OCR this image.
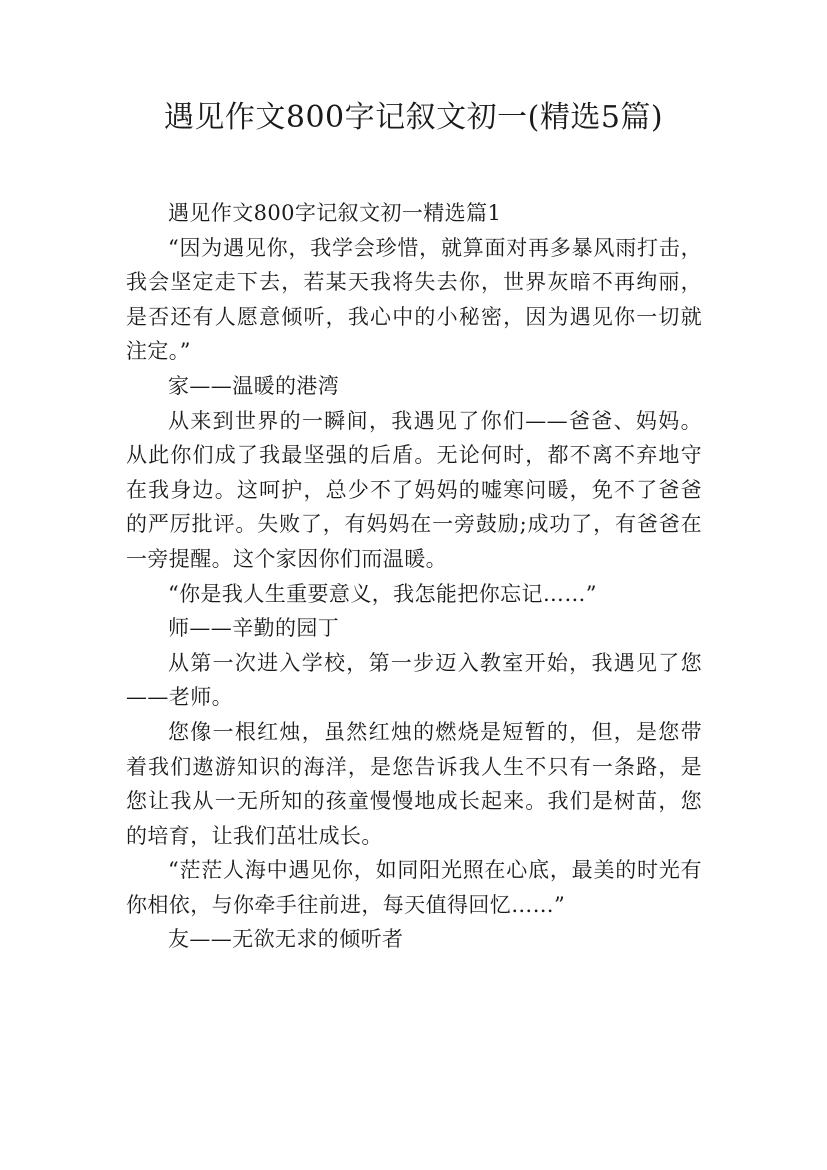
遇见作文800字记叙文初一(精选5篇)

遇见作文800字记叙文初一精选篇1

“因为遇见你，我学会珍惜，就算面对再多暴风雨打击，我会坚定走下去，若某天我将失去你，世界灰暗不再绚丽，是否还有人愿意倾听，我心中的小秘密，因为遇见你一切就注定。”

家——温暖的港湾

从来到世界的一瞬间，我遇见了你们——爸爸、妈妈。从此你们成了我最坚强的后盾。无论何时，都不离不弃地守在我身边。这呵护，总少不了妈妈的嘘寒问暖，免不了爸爸的严厉批评。失败了，有妈妈在一旁鼓励;成功了，有爸爸在一旁提醒。这个家因你们而温暖。

“你是我人生重要意义，我怎能把你忘记……”

师——辛勤的园丁

从第一次进入学校，第一步迈入教室开始，我遇见了您——老师。

您像一根红烛，虽然红烛的燃烧是短暂的，但，是您带着我们遨游知识的海洋，是您告诉我人生不只有一条路，是您让我从一无所知的孩童慢慢地成长起来。我们是树苗，您的培育，让我们茁壮成长。

“茫茫人海中遇见你，如同阳光照在心底，最美的时光有你相依，与你牵手往前进，每天值得回忆……”

友——无欲无求的倾听者
